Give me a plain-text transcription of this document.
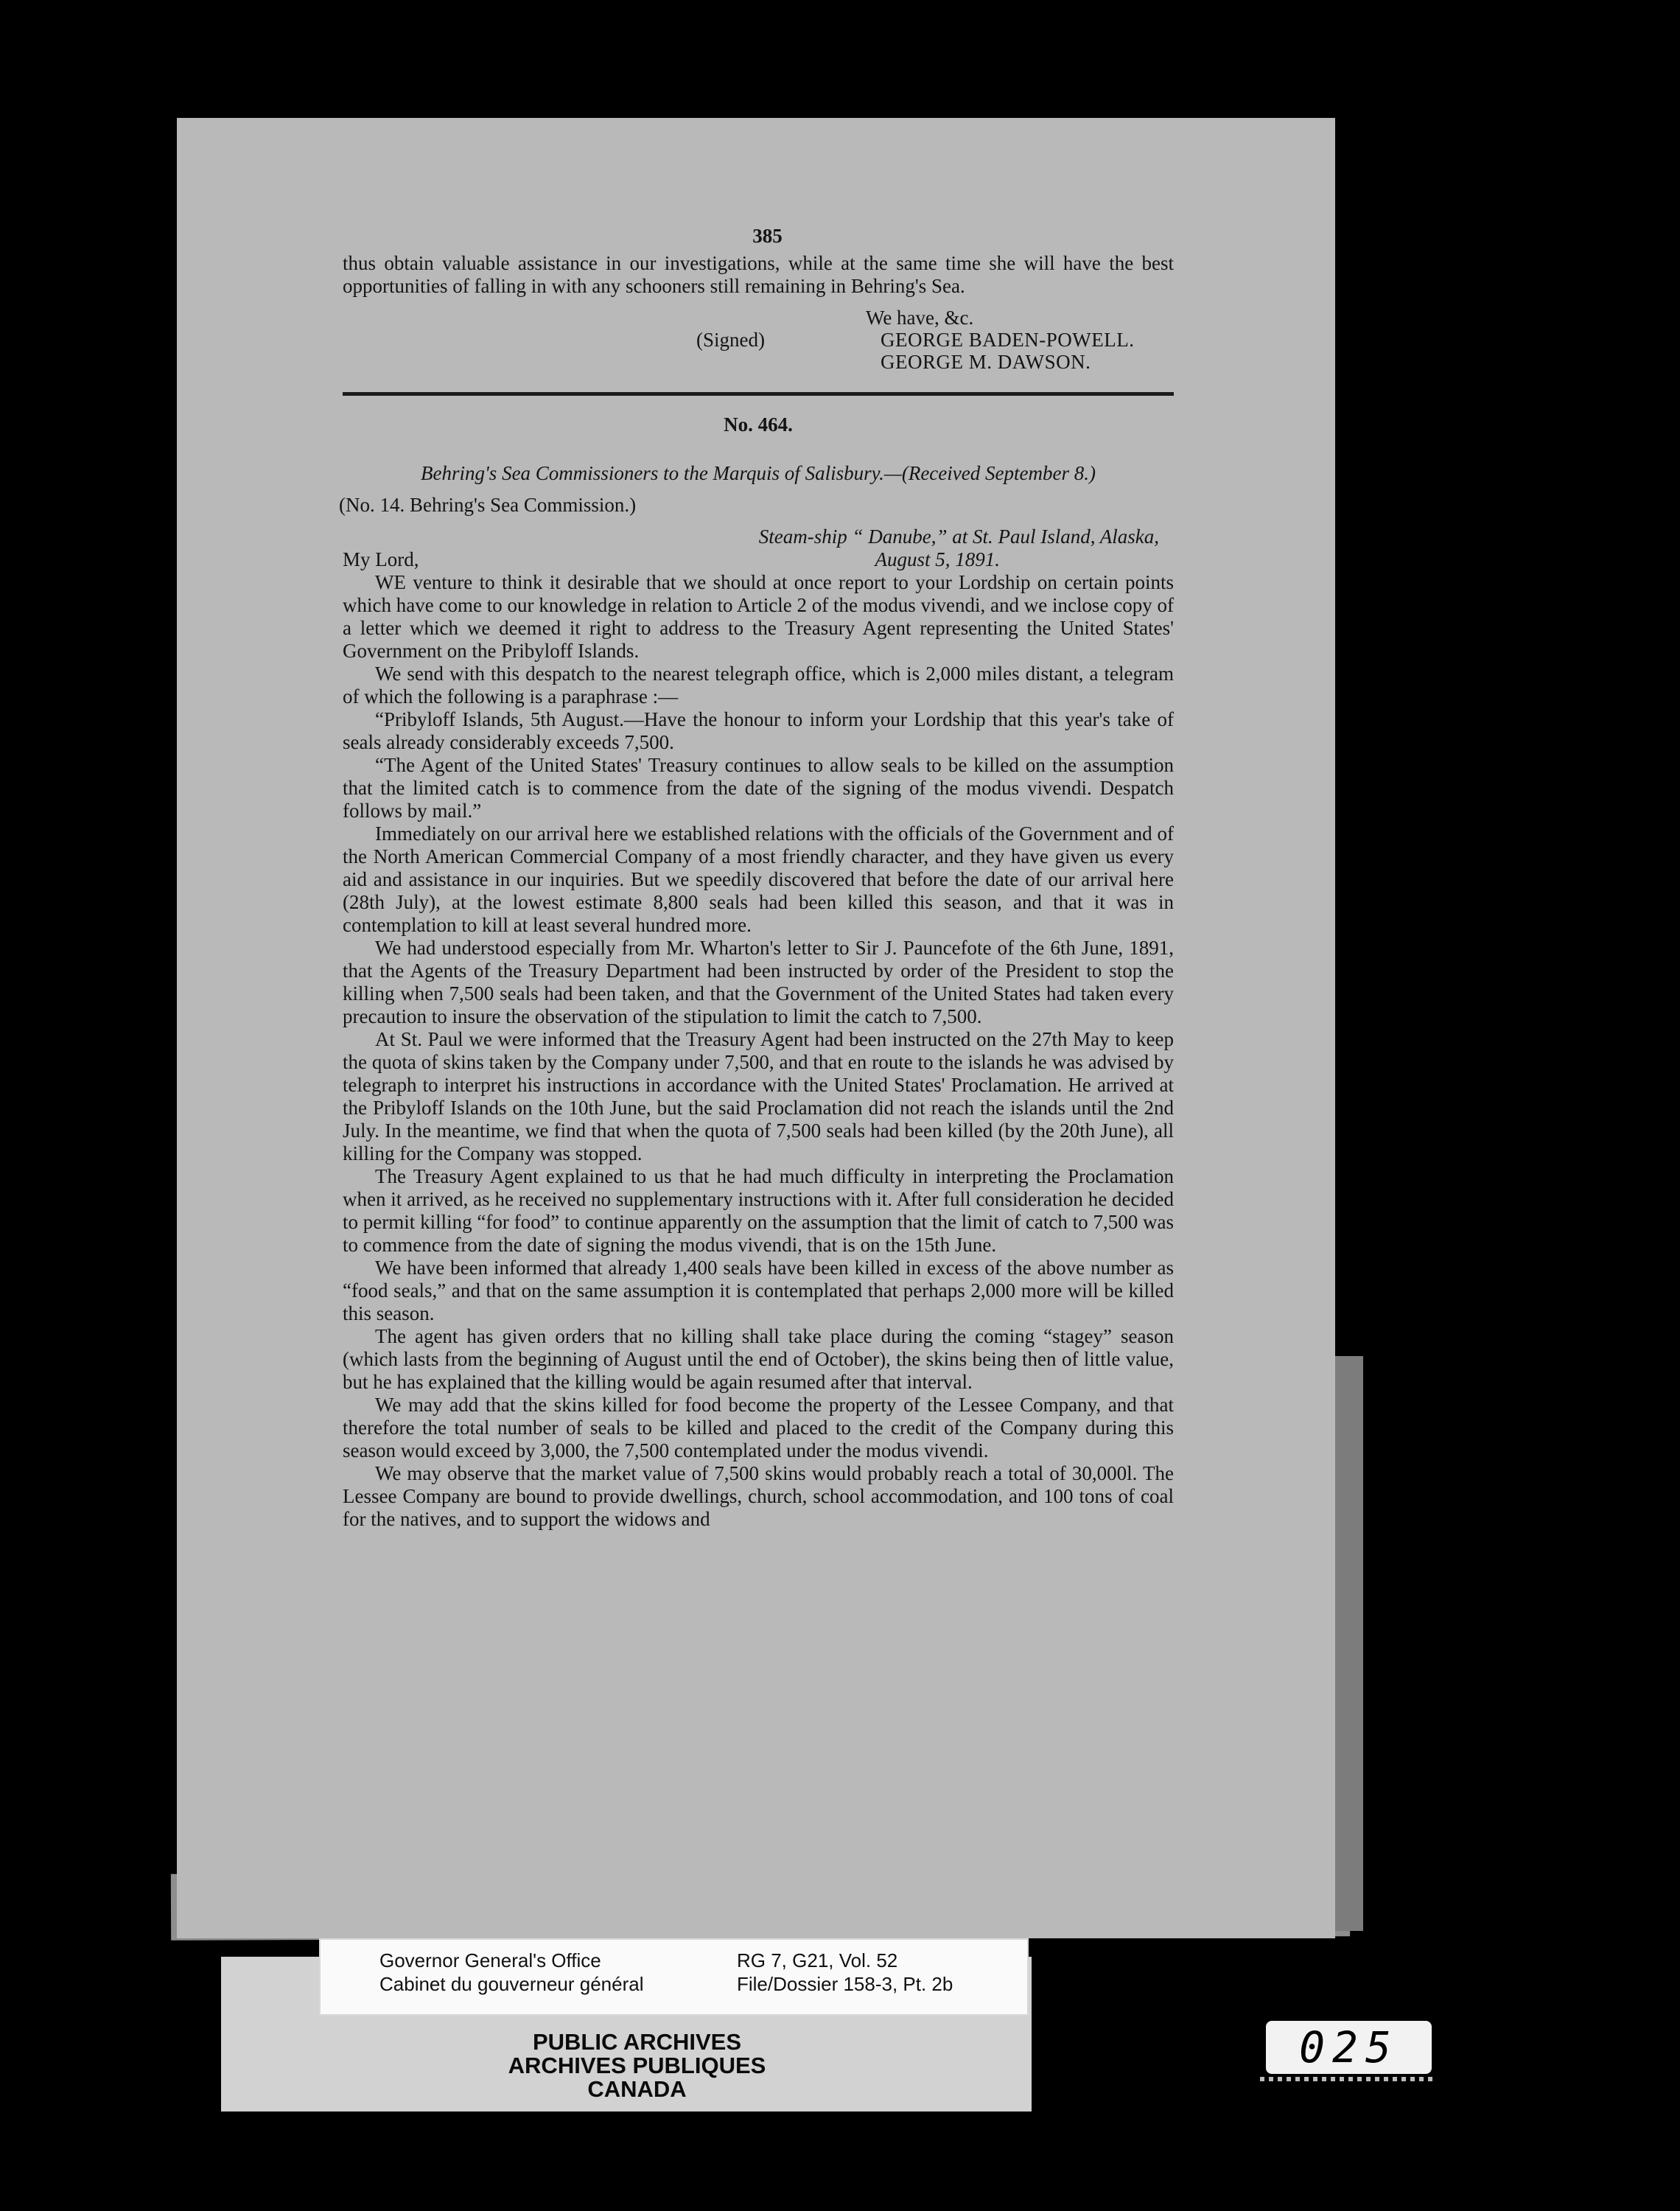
385

thus obtain valuable assistance in our investigations, while at the same time she will have the best opportunities of falling in with any schooners still remaining in Behring's Sea.

We have, &c.
(Signed)	GEORGE BADEN-POWELL.
GEORGE M. DAWSON.
No. 464.
Behring's Sea Commissioners to the Marquis of Salisbury.—(Received September 8.)
(No. 14. Behring's Sea Commission.)
Steam-ship “ Danube,” at St. Paul Island, Alaska,
My Lord,	August 5, 1891.

WE venture to think it desirable that we should at once report to your Lordship on certain points which have come to our knowledge in relation to Article 2 of the modus vivendi, and we inclose copy of a letter which we deemed it right to address to the Treasury Agent representing the United States' Government on the Pribyloff Islands.

We send with this despatch to the nearest telegraph office, which is 2,000 miles distant, a telegram of which the following is a paraphrase :—

“Pribyloff Islands, 5th August.—Have the honour to inform your Lordship that this year's take of seals already considerably exceeds 7,500.

“The Agent of the United States' Treasury continues to allow seals to be killed on the assumption that the limited catch is to commence from the date of the signing of the modus vivendi. Despatch follows by mail.”

Immediately on our arrival here we established relations with the officials of the Government and of the North American Commercial Company of a most friendly character, and they have given us every aid and assistance in our inquiries. But we speedily discovered that before the date of our arrival here (28th July), at the lowest estimate 8,800 seals had been killed this season, and that it was in contemplation to kill at least several hundred more.

We had understood especially from Mr. Wharton's letter to Sir J. Pauncefote of the 6th June, 1891, that the Agents of the Treasury Department had been instructed by order of the President to stop the killing when 7,500 seals had been taken, and that the Government of the United States had taken every precaution to insure the observation of the stipulation to limit the catch to 7,500.

At St. Paul we were informed that the Treasury Agent had been instructed on the 27th May to keep the quota of skins taken by the Company under 7,500, and that en route to the islands he was advised by telegraph to interpret his instructions in accordance with the United States' Proclamation. He arrived at the Pribyloff Islands on the 10th June, but the said Proclamation did not reach the islands until the 2nd July. In the meantime, we find that when the quota of 7,500 seals had been killed (by the 20th June), all killing for the Company was stopped.

The Treasury Agent explained to us that he had much difficulty in interpreting the Proclamation when it arrived, as he received no supplementary instructions with it. After full consideration he decided to permit killing “for food” to continue apparently on the assumption that the limit of catch to 7,500 was to commence from the date of signing the modus vivendi, that is on the 15th June.

We have been informed that already 1,400 seals have been killed in excess of the above number as “food seals,” and that on the same assumption it is contemplated that perhaps 2,000 more will be killed this season.

The agent has given orders that no killing shall take place during the coming “stagey” season (which lasts from the beginning of August until the end of October), the skins being then of little value, but he has explained that the killing would be again resumed after that interval.

We may add that the skins killed for food become the property of the Lessee Company, and that therefore the total number of seals to be killed and placed to the credit of the Company during this season would exceed by 3,000, the 7,500 contemplated under the modus vivendi.

We may observe that the market value of 7,500 skins would probably reach a total of 30,000l. The Lessee Company are bound to provide dwellings, church, school accommodation, and 100 tons of coal for the natives, and to support the widows and

PUBLIC ARCHIVES
ARCHIVES PUBLIQUES
CANADA
Governor General's Office
Cabinet du gouverneur général
RG 7, G21, Vol. 52
File/Dossier 158-3, Pt. 2b
025
